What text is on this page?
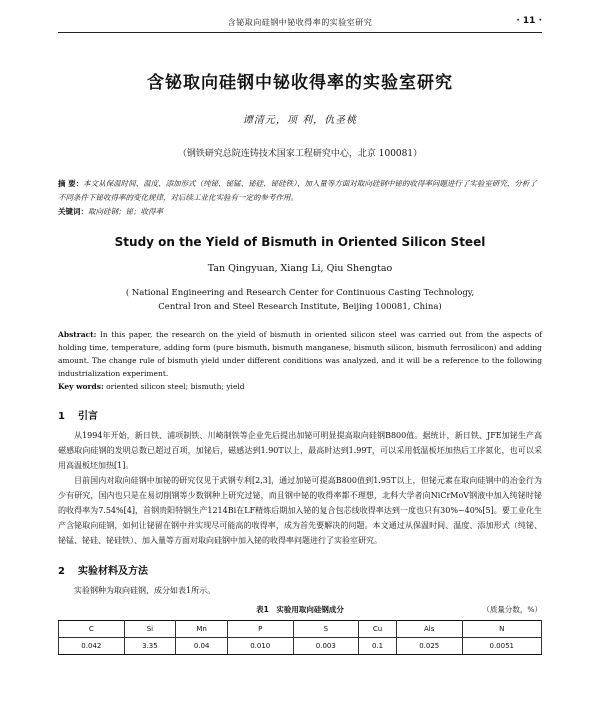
含铋取向硅钢中铋收得率的实验室研究	· 11 ·
含铋取向硅钢中铋收得率的实验室研究
谭清元，项 利，仇圣桃
（钢铁研究总院连铸技术国家工程研究中心，北京 100081）
摘 要：本文从保温时间、温度、添加形式（纯铋、铋锰、铋硅、铋硅铁）、加入量等方面对取向硅钢中铋的收得率问题进行了实验室研究，分析了不同条件下铋收得率的变化规律，对后续工业化实验有一定的参考作用。
关键词：取向硅钢；铋；收得率
Study on the Yield of Bismuth in Oriented Silicon Steel
Tan Qingyuan, Xiang Li, Qiu Shengtao
( National Engineering and Research Center for Continuous Casting Technology,
Central Iron and Steel Research Institute, Beijing 100081, China)
Abstract: In this paper, the research on the yield of bismuth in oriented silicon steel was carried out from the aspects of holding time, temperature, adding form (pure bismuth, bismuth manganese, bismuth silicon, bismuth ferrosilicon) and adding amount. The change rule of bismuth yield under different conditions was analyzed, and it will be a reference to the following industrialization experiment.
Key words: oriented silicon steel; bismuth; yield
1 引言

从1994年开始，新日铁、浦项制铁、川崎制铁等企业先后提出加铋可明显提高取向硅钢B800值。据统计，新日铁、JFE加铋生产高磁感取向硅钢的发明总数已超过百项，加铋后，磁感达到1.90T以上，最高时达到1.99T，可以采用低温板坯加热后工序氮化，也可以采用高温板坯加热[1]。

目前国内对取向硅钢中加铋的研究仅见于武钢专利[2,3]，通过加铋可提高B800值到1.95T以上，但铋元素在取向硅钢中的冶金行为少有研究，国内也只是在易切削钢等少数钢种上研究过铋，而且钢中铋的收得率都不理想，北科大学者向NiCrMoV钢液中加入纯铋时铋的收得率为7.54%[4]，首钢贵阳特钢生产1214Bi在LF精炼后期加入铋的复合包芯线收得率达到一度也只有30%~40%[5]。要工业化生产含铋取向硅钢，如何让铋留在钢中并实现尽可能高的收得率，成为首先要解决的问题。本文通过从保温时间、温度、添加形式（纯铋、铋锰、铋硅、铋硅铁）、加入量等方面对取向硅钢中加入铋的收得率问题进行了实验室研究。

2 实验材料及方法

实验钢种为取向硅钢，成分如表1所示。

表1　实验用取向硅钢成分	（质量分数，%）
C	Si	Mn	P	S	Cu	Als	N
0.042	3.35	0.04	0.010	0.003	0.1	0.025	0.0051
